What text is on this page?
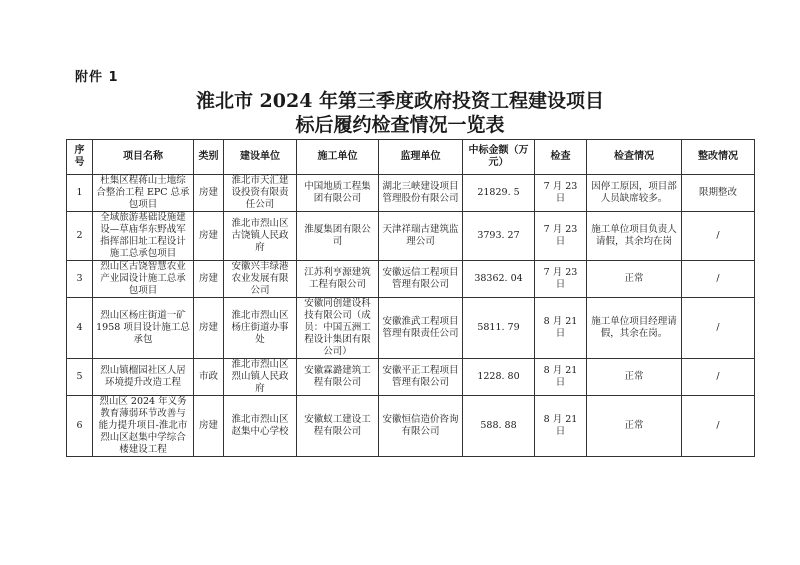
附件 1
淮北市 2024 年第三季度政府投资工程建设项目
标后履约检查情况一览表
序号	项目名称	类别	建设单位	施工单位	监理单位	中标金额（万元）	检查	检查情况	整改情况
1	杜集区程蒋山土地综合整治工程 EPC 总承包项目	房建	淮北市天汇建设投资有限责任公司	中国地质工程集团有限公司	湖北三峡建设项目管理股份有限公司	21829. 5	7 月 23 日	因停工原因，项目部人员缺席较多。	限期整改
2	全域旅游基础设施建设—草庙华东野战军指挥部旧址工程设计施工总承包项目	房建	淮北市烈山区古饶镇人民政府	淮厦集团有限公司	天津祥瑞古建筑监理公司	3793. 27	7 月 23 日	施工单位项目负责人请假，其余均在岗	/
3	烈山区古饶智慧农业产业园设计施工总承包项目	房建	安徽兴丰绿港农业发展有限公司	江苏利亨源建筑工程有限公司	安徽远信工程项目管理有限公司	38362. 04	7 月 23 日	正常	/
4	烈山区杨庄街道一矿 1958 项目设计施工总承包	房建	淮北市烈山区杨庄街道办事处	安徽同创建设科技有限公司（成员：中国五洲工程设计集团有限公司）	安徽淮武工程项目管理有限责任公司	5811. 79	8 月 21 日	施工单位项目经理请假，其余在岗。	/
5	烈山镇榴园社区人居环境提升改造工程	市政	淮北市烈山区烈山镇人民政府	安徽霖潞建筑工程有限公司	安徽平正工程项目管理有限公司	1228. 80	8 月 21 日	正常	/
6	烈山区 2024 年义务教育薄弱环节改善与能力提升项目-淮北市烈山区赵集中学综合楼建设工程	房建	淮北市烈山区赵集中心学校	安徽蚁工建设工程有限公司	安徽恒信造价咨询有限公司	588. 88	8 月 21 日	正常	/
